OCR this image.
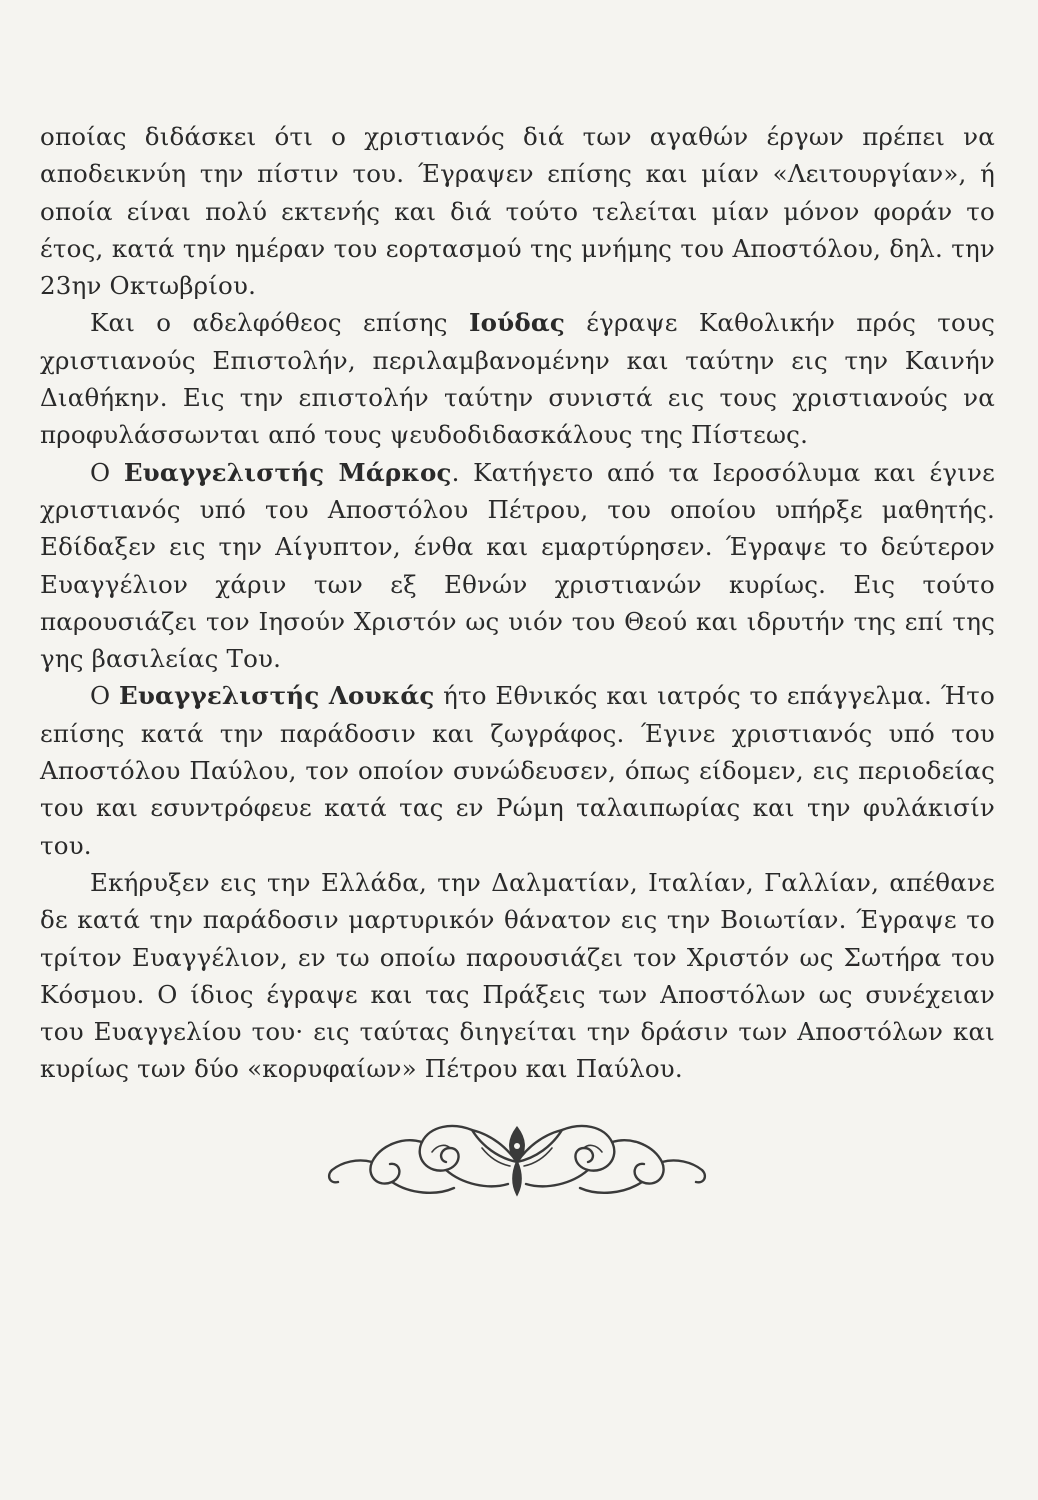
οποίας διδάσκει ότι ο χριστιανός διά των αγαθών έργων πρέπει να αποδεικνύη την πίστιν του. Έγραψεν επίσης και μίαν «Λειτουργίαν», ή οποία είναι πολύ εκτενής και διά τούτο τελείται μίαν μόνον φοράν το έτος, κατά την ημέραν του εορτασμού της μνήμης του Αποστόλου, δηλ. την 23ην Οκτωβρίου.

Και ο αδελφόθεος επίσης Ιούδας έγραψε Καθολικήν πρός τους χριστιανούς Επιστολήν, περιλαμβανομένην και ταύτην εις την Καινήν Διαθήκην. Εις την επιστολήν ταύτην συνιστά εις τους χριστιανούς να προφυλάσσωνται από τους ψευδοδιδασκάλους της Πίστεως.

Ο Ευαγγελιστής Μάρκος. Κατήγετο από τα Ιεροσόλυμα και έγινε χριστιανός υπό του Αποστόλου Πέτρου, του οποίου υπήρξε μαθητής. Εδίδαξεν εις την Αίγυπτον, ένθα και εμαρτύρησεν. Έγραψε το δεύτερον Ευαγγέλιον χάριν των εξ Εθνών χριστιανών κυρίως. Εις τούτο παρουσιάζει τον Ιησούν Χριστόν ως υιόν του Θεού και ιδρυτήν της επί της γης βασιλείας Του.

Ο Ευαγγελιστής Λουκάς ήτο Εθνικός και ιατρός το επάγγελμα. Ήτο επίσης κατά την παράδοσιν και ζωγράφος. Έγινε χριστιανός υπό του Αποστόλου Παύλου, τον οποίον συνώδευσεν, όπως είδομεν, εις περιοδείας του και εσυντρόφευε κατά τας εν Ρώμη ταλαιπωρίας και την φυλάκισίν του.

Εκήρυξεν εις την Ελλάδα, την Δαλματίαν, Ιταλίαν, Γαλλίαν, απέθανε δε κατά την παράδοσιν μαρτυρικόν θάνατον εις την Βοιωτίαν. Έγραψε το τρίτον Ευαγγέλιον, εν τω οποίω παρουσιάζει τον Χριστόν ως Σωτήρα του Κόσμου. Ο ίδιος έγραψε και τας Πράξεις των Αποστόλων ως συνέχειαν του Ευαγγελίου του· εις ταύτας διηγείται την δράσιν των Αποστόλων και κυρίως των δύο «κορυφαίων» Πέτρου και Παύλου.
